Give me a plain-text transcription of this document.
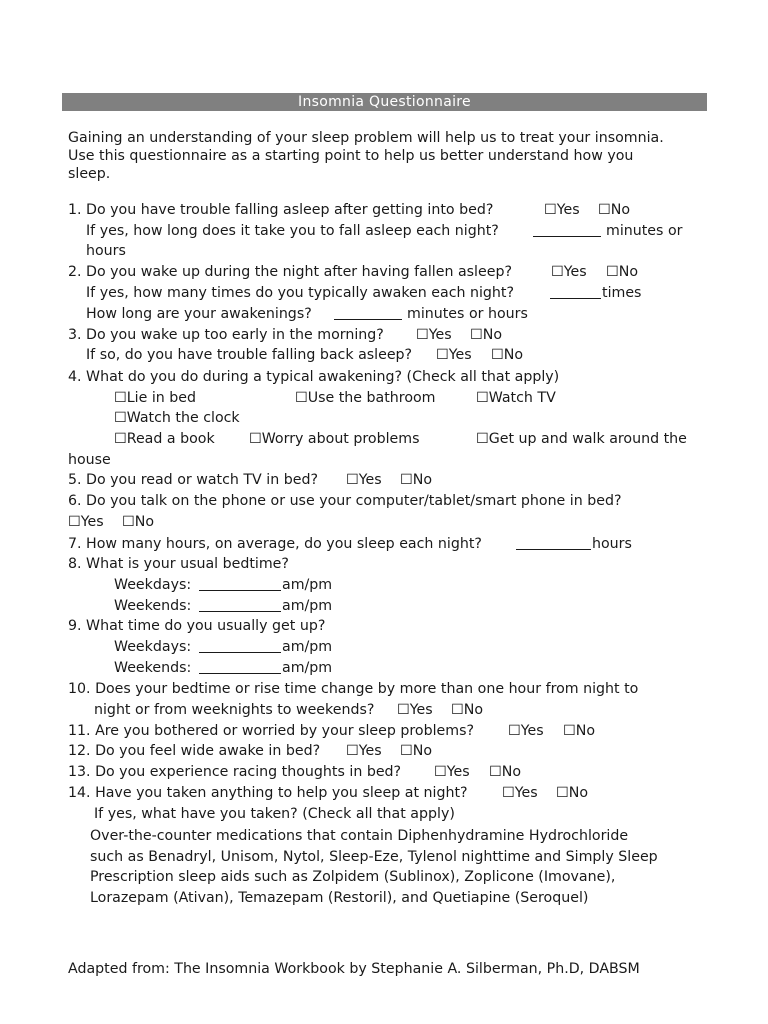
Insomnia Questionnaire
Gaining an understanding of your sleep problem will help us to treat your insomnia.
Use this questionnaire as a starting point to help us better understand how you
sleep.
1. Do you have trouble falling asleep after getting into bed?	☐Yes ☐No
If yes, how long does it take you to fall asleep each night?	minutes or
hours
2. Do you wake up during the night after having fallen asleep?	☐Yes ☐No
If yes, how many times do you typically awaken each night?	times
How long are your awakenings?	minutes or hours
3. Do you wake up too early in the morning? ☐Yes ☐No
If so, do you have trouble falling back asleep? ☐Yes ☐No
4. What do you do during a typical awakening? (Check all that apply)
☐Lie in bed	☐Use the bathroom	☐Watch TV
☐Watch the clock
☐Read a book ☐Worry about problems	☐Get up and walk around the
house
5. Do you read or watch TV in bed? ☐Yes ☐No
6. Do you talk on the phone or use your computer/tablet/smart phone in bed?
☐Yes ☐No
7. How many hours, on average, do you sleep each night?	hours
8. What is your usual bedtime?
Weekdays:	am/pm
Weekends:	am/pm
9. What time do you usually get up?
Weekdays:	am/pm
Weekends:	am/pm
10. Does your bedtime or rise time change by more than one hour from night to
night or from weeknights to weekends? ☐Yes ☐No
11. Are you bothered or worried by your sleep problems? ☐Yes ☐No
12. Do you feel wide awake in bed? ☐Yes ☐No
13. Do you experience racing thoughts in bed? ☐Yes ☐No
14. Have you taken anything to help you sleep at night? ☐Yes ☐No
If yes, what have you taken? (Check all that apply)
Over-the-counter medications that contain Diphenhydramine Hydrochloride
such as Benadryl, Unisom, Nytol, Sleep-Eze, Tylenol nighttime and Simply Sleep
Prescription sleep aids such as Zolpidem (Sublinox), Zoplicone (Imovane),
Lorazepam (Ativan), Temazepam (Restoril), and Quetiapine (Seroquel)
Adapted from: The Insomnia Workbook by Stephanie A. Silberman, Ph.D, DABSM
